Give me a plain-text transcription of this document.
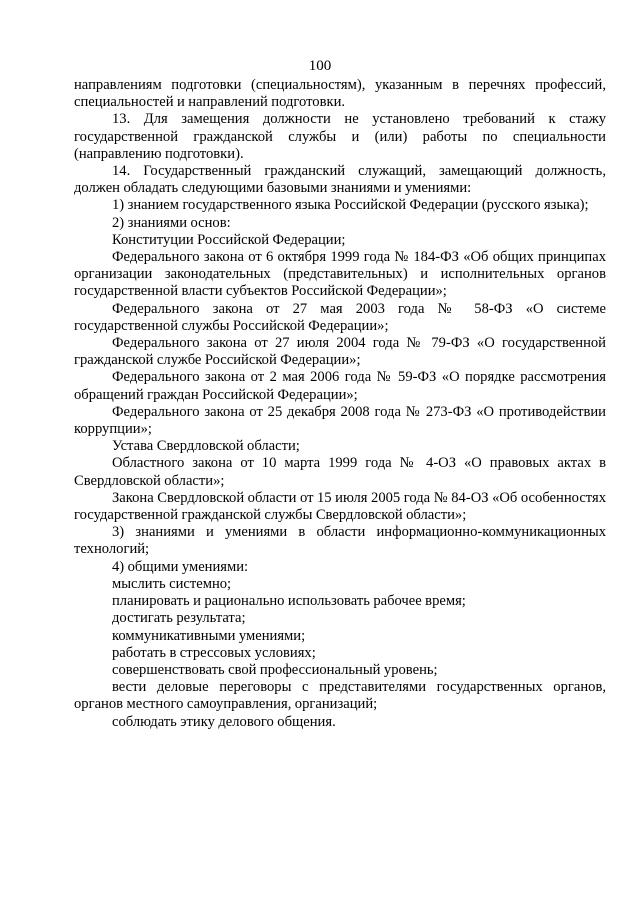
100

направлениям подготовки (специальностям), указанным в перечнях профессий, специальностей и направлений подготовки.

13. Для замещения должности не установлено требований к стажу государственной гражданской службы и (или) работы по специальности (направлению подготовки).

14. Государственный гражданский служащий, замещающий должность, должен обладать следующими базовыми знаниями и умениями:

1) знанием государственного языка Российской Федерации (русского языка);

2) знаниями основ:

Конституции Российской Федерации;

Федерального закона от 6 октября 1999 года № 184-ФЗ «Об общих принципах организации законодательных (представительных) и исполнительных органов государственной власти субъектов Российской Федерации»;

Федерального закона от 27 мая 2003 года № 58-ФЗ «О системе государственной службы Российской Федерации»;

Федерального закона от 27 июля 2004 года № 79-ФЗ «О государственной гражданской службе Российской Федерации»;

Федерального закона от 2 мая 2006 года № 59-ФЗ «О порядке рассмотрения обращений граждан Российской Федерации»;

Федерального закона от 25 декабря 2008 года № 273-ФЗ «О противодействии коррупции»;

Устава Свердловской области;

Областного закона от 10 марта 1999 года № 4-ОЗ «О правовых актах в Свердловской области»;

Закона Свердловской области от 15 июля 2005 года № 84-ОЗ «Об особенностях государственной гражданской службы Свердловской области»;

3) знаниями и умениями в области информационно-коммуникационных технологий;

4) общими умениями:

мыслить системно;

планировать и рационально использовать рабочее время;

достигать результата;

коммуникативными умениями;

работать в стрессовых условиях;

совершенствовать свой профессиональный уровень;

вести деловые переговоры с представителями государственных органов, органов местного самоуправления, организаций;

соблюдать этику делового общения.
